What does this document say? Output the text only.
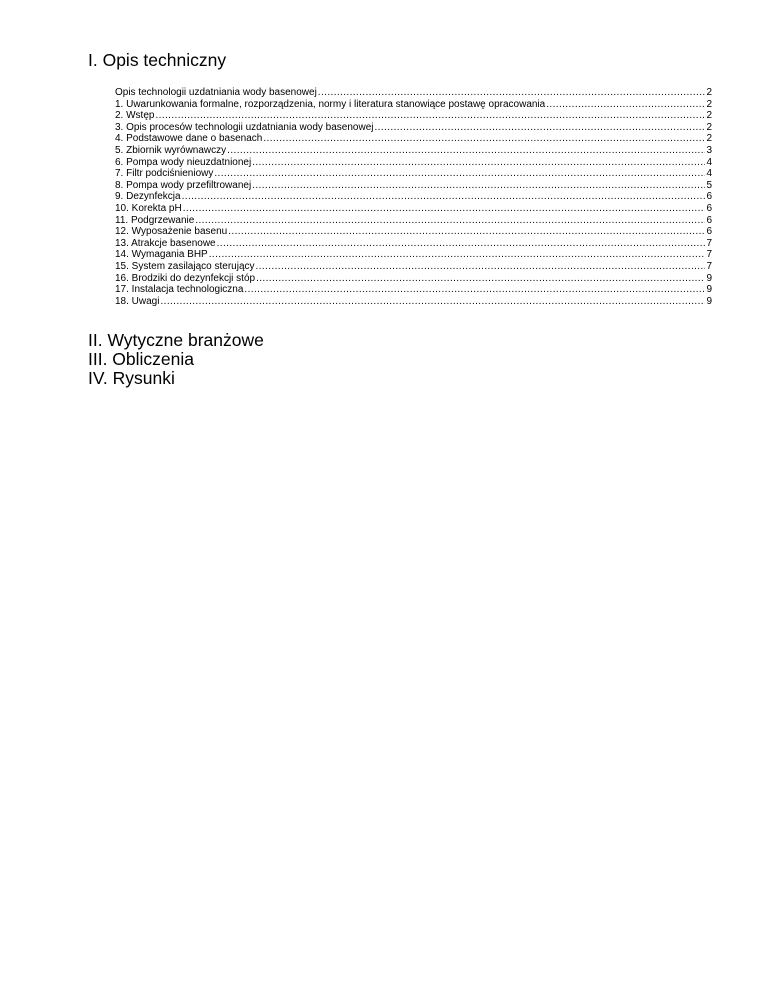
I. Opis techniczny
Opis technologii uzdatniania wody basenowej .....	2
1. Uwarunkowania formalne, rozporządzenia, normy i literatura stanowiące postawę opracowania .....	2
2. Wstęp .....	2
3. Opis procesów technologii uzdatniania wody basenowej .....	2
4. Podstawowe dane o basenach .....	2
5. Zbiornik wyrównawczy .....	3
6. Pompa wody nieuzdatnionej .....	4
7. Filtr podciśnieniowy .....	4
8. Pompa wody przefiltrowanej .....	5
9. Dezynfekcja .....	6
10. Korekta pH .....	6
11. Podgrzewanie .....	6
12. Wyposażenie basenu .....	6
13. Atrakcje basenowe .....	7
14. Wymagania BHP .....	7
15. System zasilająco sterujący .....	7
16. Brodziki do dezynfekcji stóp .....	9
17. Instalacja technologiczna .....	9
18. Uwagi .....	9
II. Wytyczne branżowe
III. Obliczenia
IV. Rysunki
